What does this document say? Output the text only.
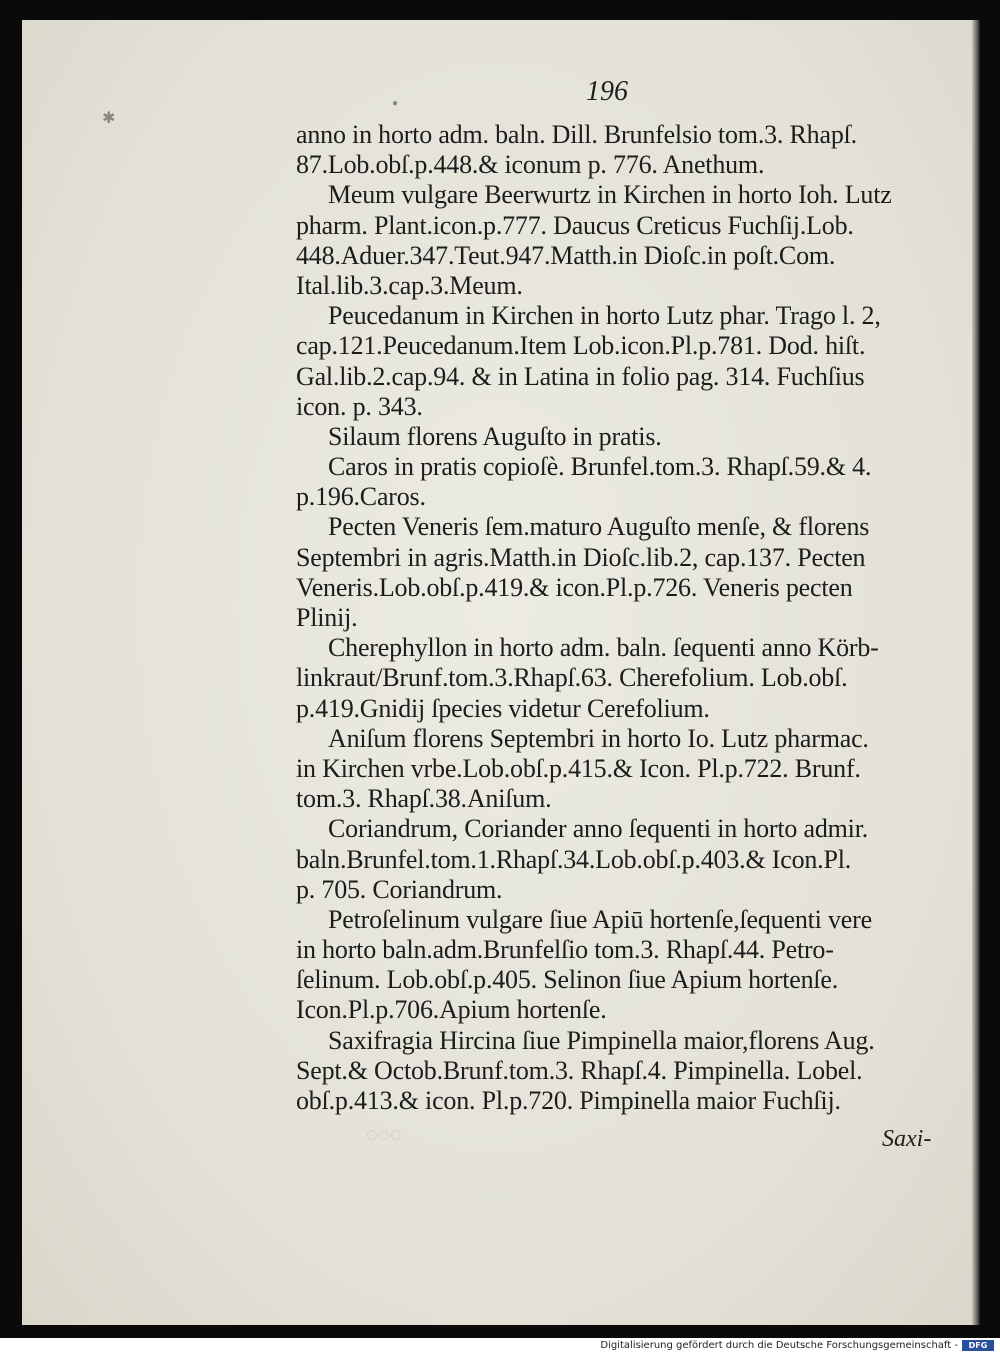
✱
●	196
anno in horto adm. baln. Dill. Brunfelsio tom.3. Rhapſ.
87.Lob.obſ.p.448.& iconum p. 776. Anethum.
Meum vulgare Beerwurtz in Kirchen in horto Ioh. Lutz
pharm. Plant.icon.p.777. Daucus Creticus Fuchſij.Lob.
448.Aduer.347.Teut.947.Matth.in Dioſc.in poſt.Com.
Ital.lib.3.cap.3.Meum.
Peucedanum in Kirchen in horto Lutz phar. Trago l. 2,
cap.121.Peucedanum.Item Lob.icon.Pl.p.781. Dod. hiſt.
Gal.lib.2.cap.94. & in Latina in folio pag. 314. Fuchſius
icon. p. 343.
Silaum florens Auguſto in pratis.
Caros in pratis copioſè. Brunfel.tom.3. Rhapſ.59.& 4.
p.196.Caros.
Pecten Veneris ſem.maturo Auguſto menſe, & florens
Septembri in agris.Matth.in Dioſc.lib.2, cap.137. Pecten
Veneris.Lob.obſ.p.419.& icon.Pl.p.726. Veneris pecten
Plinij.
Cherephyllon in horto adm. baln. ſequenti anno Körb-
linkraut/Brunf.tom.3.Rhapſ.63. Cherefolium. Lob.obſ.
p.419.Gnidij ſpecies videtur Cerefolium.
Aniſum florens Septembri in horto Io. Lutz pharmac.
in Kirchen vrbe.Lob.obſ.p.415.& Icon. Pl.p.722. Brunf.
tom.3. Rhapſ.38.Aniſum.
Coriandrum, Coriander anno ſequenti in horto admir.
baln.Brunfel.tom.1.Rhapſ.34.Lob.obſ.p.403.& Icon.Pl.
p. 705. Coriandrum.
Petroſelinum vulgare ſiue Apiū hortenſe,ſequenti vere
in horto baln.adm.Brunfelſio tom.3. Rhapſ.44. Petro-
ſelinum. Lob.obſ.p.405. Selinon ſiue Apium hortenſe.
Icon.Pl.p.706.Apium hortenſe.
Saxifragia Hircina ſiue Pimpinella maior,florens Aug.
Sept.& Octob.Brunf.tom.3. Rhapſ.4. Pimpinella. Lobel.
obſ.p.413.& icon. Pl.p.720. Pimpinella maior Fuchſij.
◌◌◌	Saxi-
Digitalisierung gefördert durch die Deutsche Forschungsgemeinschaft -	DFG
